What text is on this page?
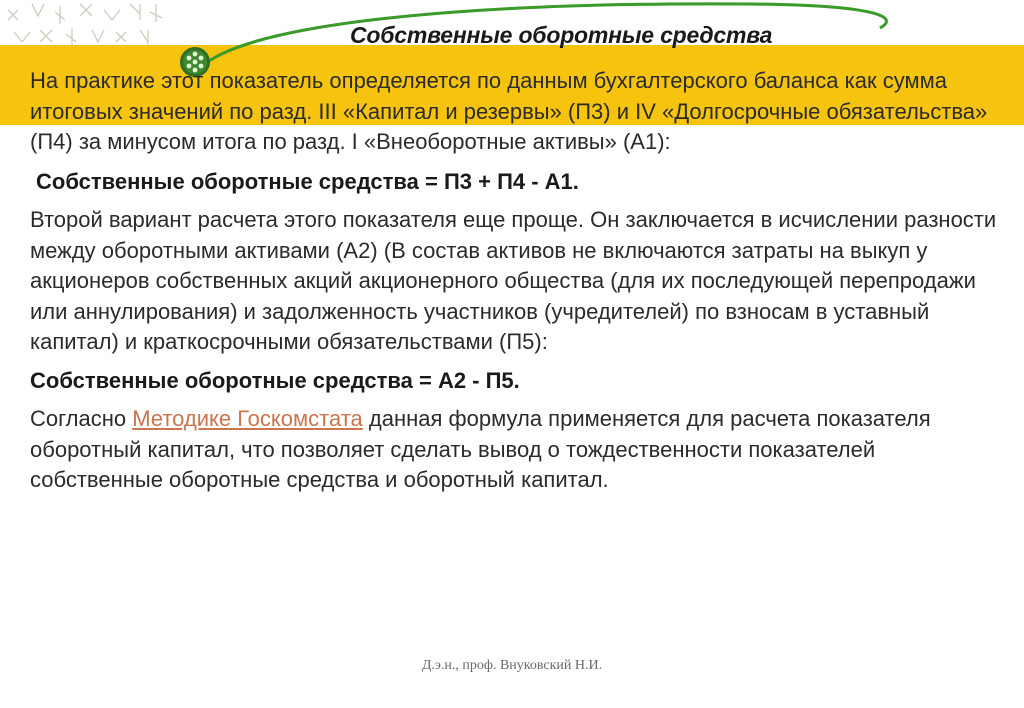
Собственные оборотные средства

На практике этот показатель определяется по данным бухгалтерского баланса как сумма итоговых значений по разд. III «Капитал и резервы» (П3) и IV «Долгосрочные обязательства» (П4) за минусом итога по разд. I «Внеоборотные активы» (А1):

Собственные оборотные средства = П3 + П4 - А1.

Второй вариант расчета этого показателя еще проще. Он заключается в исчислении разности между оборотными активами (А2) (В состав активов не включаются затраты на выкуп у акционеров собственных акций акционерного общества (для их последующей перепродажи или аннулирования) и задолженность участников (учредителей) по взносам в уставный капитал) и краткосрочными обязательствами (П5):

Собственные оборотные средства = А2 - П5.

Согласно Методике Госкомстата данная формула применяется для расчета показателя оборотный капитал, что позволяет сделать вывод о тождественности показателей собственные оборотные средства и оборотный капитал.

Д.э.н., проф. Внуковский Н.И.
